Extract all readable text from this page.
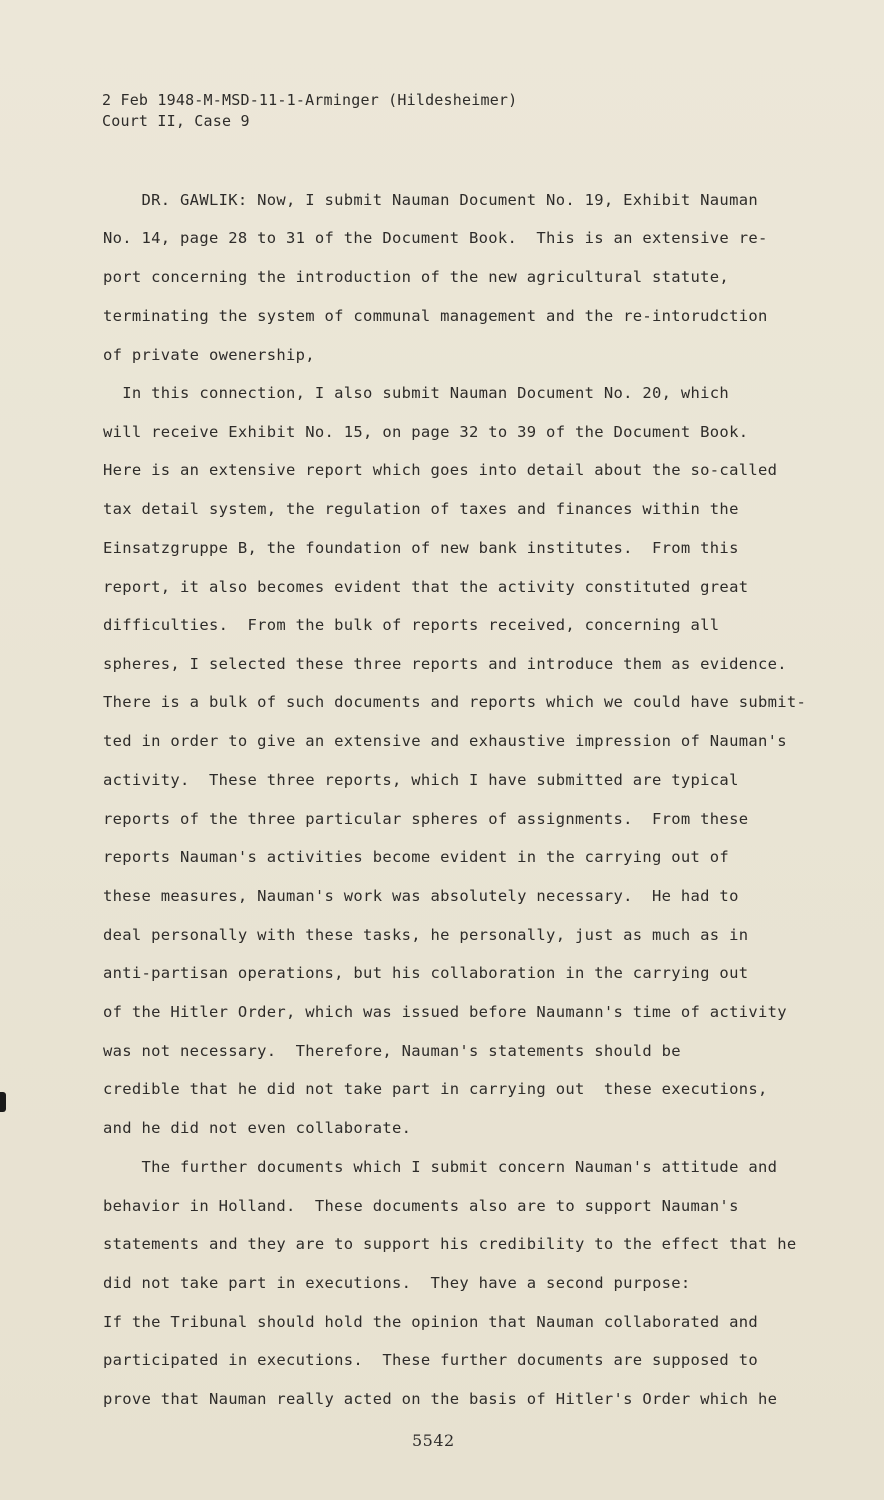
2 Feb 1948-M-MSD-11-1-Arminger (Hildesheimer)
Court II, Case 9
DR. GAWLIK: Now, I submit Nauman Document No. 19, Exhibit Nauman
No. 14, page 28 to 31 of the Document Book.  This is an extensive re-
port concerning the introduction of the new agricultural statute,
terminating the system of communal management and the re-intorudction
of private owenership,
In this connection, I also submit Nauman Document No. 20, which
will receive Exhibit No. 15, on page 32 to 39 of the Document Book.
Here is an extensive report which goes into detail about the so-called
tax detail system, the regulation of taxes and finances within the
Einsatzgruppe B, the foundation of new bank institutes.  From this
report, it also becomes evident that the activity constituted great
difficulties.  From the bulk of reports received, concerning all
spheres, I selected these three reports and introduce them as evidence.
There is a bulk of such documents and reports which we could have submit-
ted in order to give an extensive and exhaustive impression of Nauman's
activity.  These three reports, which I have submitted are typical
reports of the three particular spheres of assignments.  From these
reports Nauman's activities become evident in the carrying out of
these measures, Nauman's work was absolutely necessary.  He had to
deal personally with these tasks, he personally, just as much as in
anti-partisan operations, but his collaboration in the carrying out
of the Hitler Order, which was issued before Naumann's time of activity
was not necessary.  Therefore, Nauman's statements should be
credible that he did not take part in carrying out  these executions,
and he did not even collaborate.
The further documents which I submit concern Nauman's attitude and
behavior in Holland.  These documents also are to support Nauman's
statements and they are to support his credibility to the effect that he
did not take part in executions.  They have a second purpose:
If the Tribunal should hold the opinion that Nauman collaborated and
participated in executions.  These further documents are supposed to
prove that Nauman really acted on the basis of Hitler's Order which he
5542
